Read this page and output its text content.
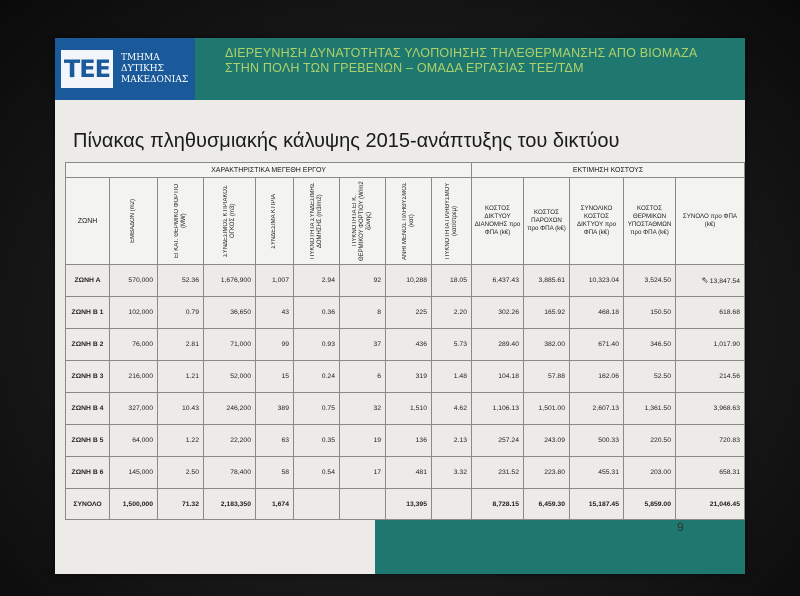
ΤΕΕ	ΤΜΗΜΑ
ΔΥΤΙΚΗΣ
ΜΑΚΕΔΟΝΙΑΣ
ΔΙΕΡΕΥΝΗΣΗ ΔΥΝΑΤΟΤΗΤΑΣ ΥΛΟΠΟΙΗΣΗΣ ΤΗΛΕΘΕΡΜΑΝΣΗΣ ΑΠΟ ΒΙΟΜΑΖΑ
ΣΤΗΝ ΠΟΛΗ ΤΩΝ ΓΡΕΒΕΝΩΝ – ΟΜΑΔΑ ΕΡΓΑΣΙΑΣ ΤΕΕ/ΤΔΜ
Πίνακας πληθυσμιακής κάλυψης 2015-ανάπτυξης του δικτύου
ΧΑΡΑΚΤΗΡΙΣΤΙΚΑ ΜΕΓΕΘΗ ΕΡΓΟΥ									ΕΚΤΙΜΗΣΗ ΚΟΣΤΟΥΣ				
ΖΩΝΗ	ΕΜΒΑΔΟΝ (m2)	ΕΓΚΑΤ. ΘΕΡΜΙΚΟ ΦΟΡΤΙΟ (MW)	ΣΥΝΔΕΣΙΜΟΣ ΚΤΙΡΙΑΚΟΣ ΟΓΚΟΣ (m3)	ΣΥΝΔΕΣΙΜΑ ΚΤΙΡΙΑ	ΠΥΚΝΟΤΗΤΑ ΣΥΝΔΕΣΙΜΗΣ ΔΟΜΗΣΗΣ (m3/m2)	ΠΥΚΝΟΤΗΤΑ ΕΓΚ. ΘΕΡΜΙΚΟΥ ΦΟΡΤΙΟΥ (W/m2 ζώνης)	ΑΝΗΓΜΕΝΟΣ ΠΛΗΘΥΣΜΟΣ (κατ)	ΠΥΚΝΟΤΗΤΑ ΠΛΗΘΥΣΜΟΥ (κατ/στρεμ)	ΚΟΣΤΟΣ ΔΙΚΤΥΟΥ ΔΙΑΝΟΜΗΣ προ ΦΠΑ (k€)	ΚΟΣΤΟΣ ΠΑΡΟΧΩΝ προ ΦΠΑ (k€)	ΣΥΝΟΛΙΚΟ ΚΟΣΤΟΣ ΔΙΚΤΥΟΥ προ ΦΠΑ (k€)	ΚΟΣΤΟΣ ΘΕΡΜΙΚΩΝ ΥΠΟΣΤΑΘΜΩΝ προ ΦΠΑ (k€)	ΣΥΝΟΛΟ προ ΦΠΑ (k€)

ΖΩΝΗ Α	570,000	52.36	1,676,900	1,007	2.94	92	10,288	18.05	6,437.43	3,885.61	10,323.04	3,524.50	⇖13,847.54
ΖΩΝΗ Β 1	102,000	0.79	36,650	43	0.36	8	225	2.20	302.26	165.92	468.18	150.50	618.68
ΖΩΝΗ Β 2	76,000	2.81	71,000	99	0.93	37	436	5.73	289.40	382.00	671.40	346.50	1,017.90
ΖΩΝΗ Β 3	216,000	1.21	52,000	15	0.24	6	319	1.48	104.18	57.88	162.06	52.50	214.56
ΖΩΝΗ Β 4	327,000	10.43	246,200	389	0.75	32	1,510	4.62	1,106.13	1,501.00	2,607.13	1,361.50	3,968.63
ΖΩΝΗ Β 5	64,000	1.22	22,200	63	0.35	19	136	2.13	257.24	243.09	500.33	220.50	720.83
ΖΩΝΗ Β 6	145,000	2.50	78,400	58	0.54	17	481	3.32	231.52	223.80	455.31	203.00	658.31
ΣΥΝΟΛΟ	1,500,000	71.32	2,183,350	1,674			13,395		8,728.15	6,459.30	15,187.45	5,859.00	21,046.45
9
